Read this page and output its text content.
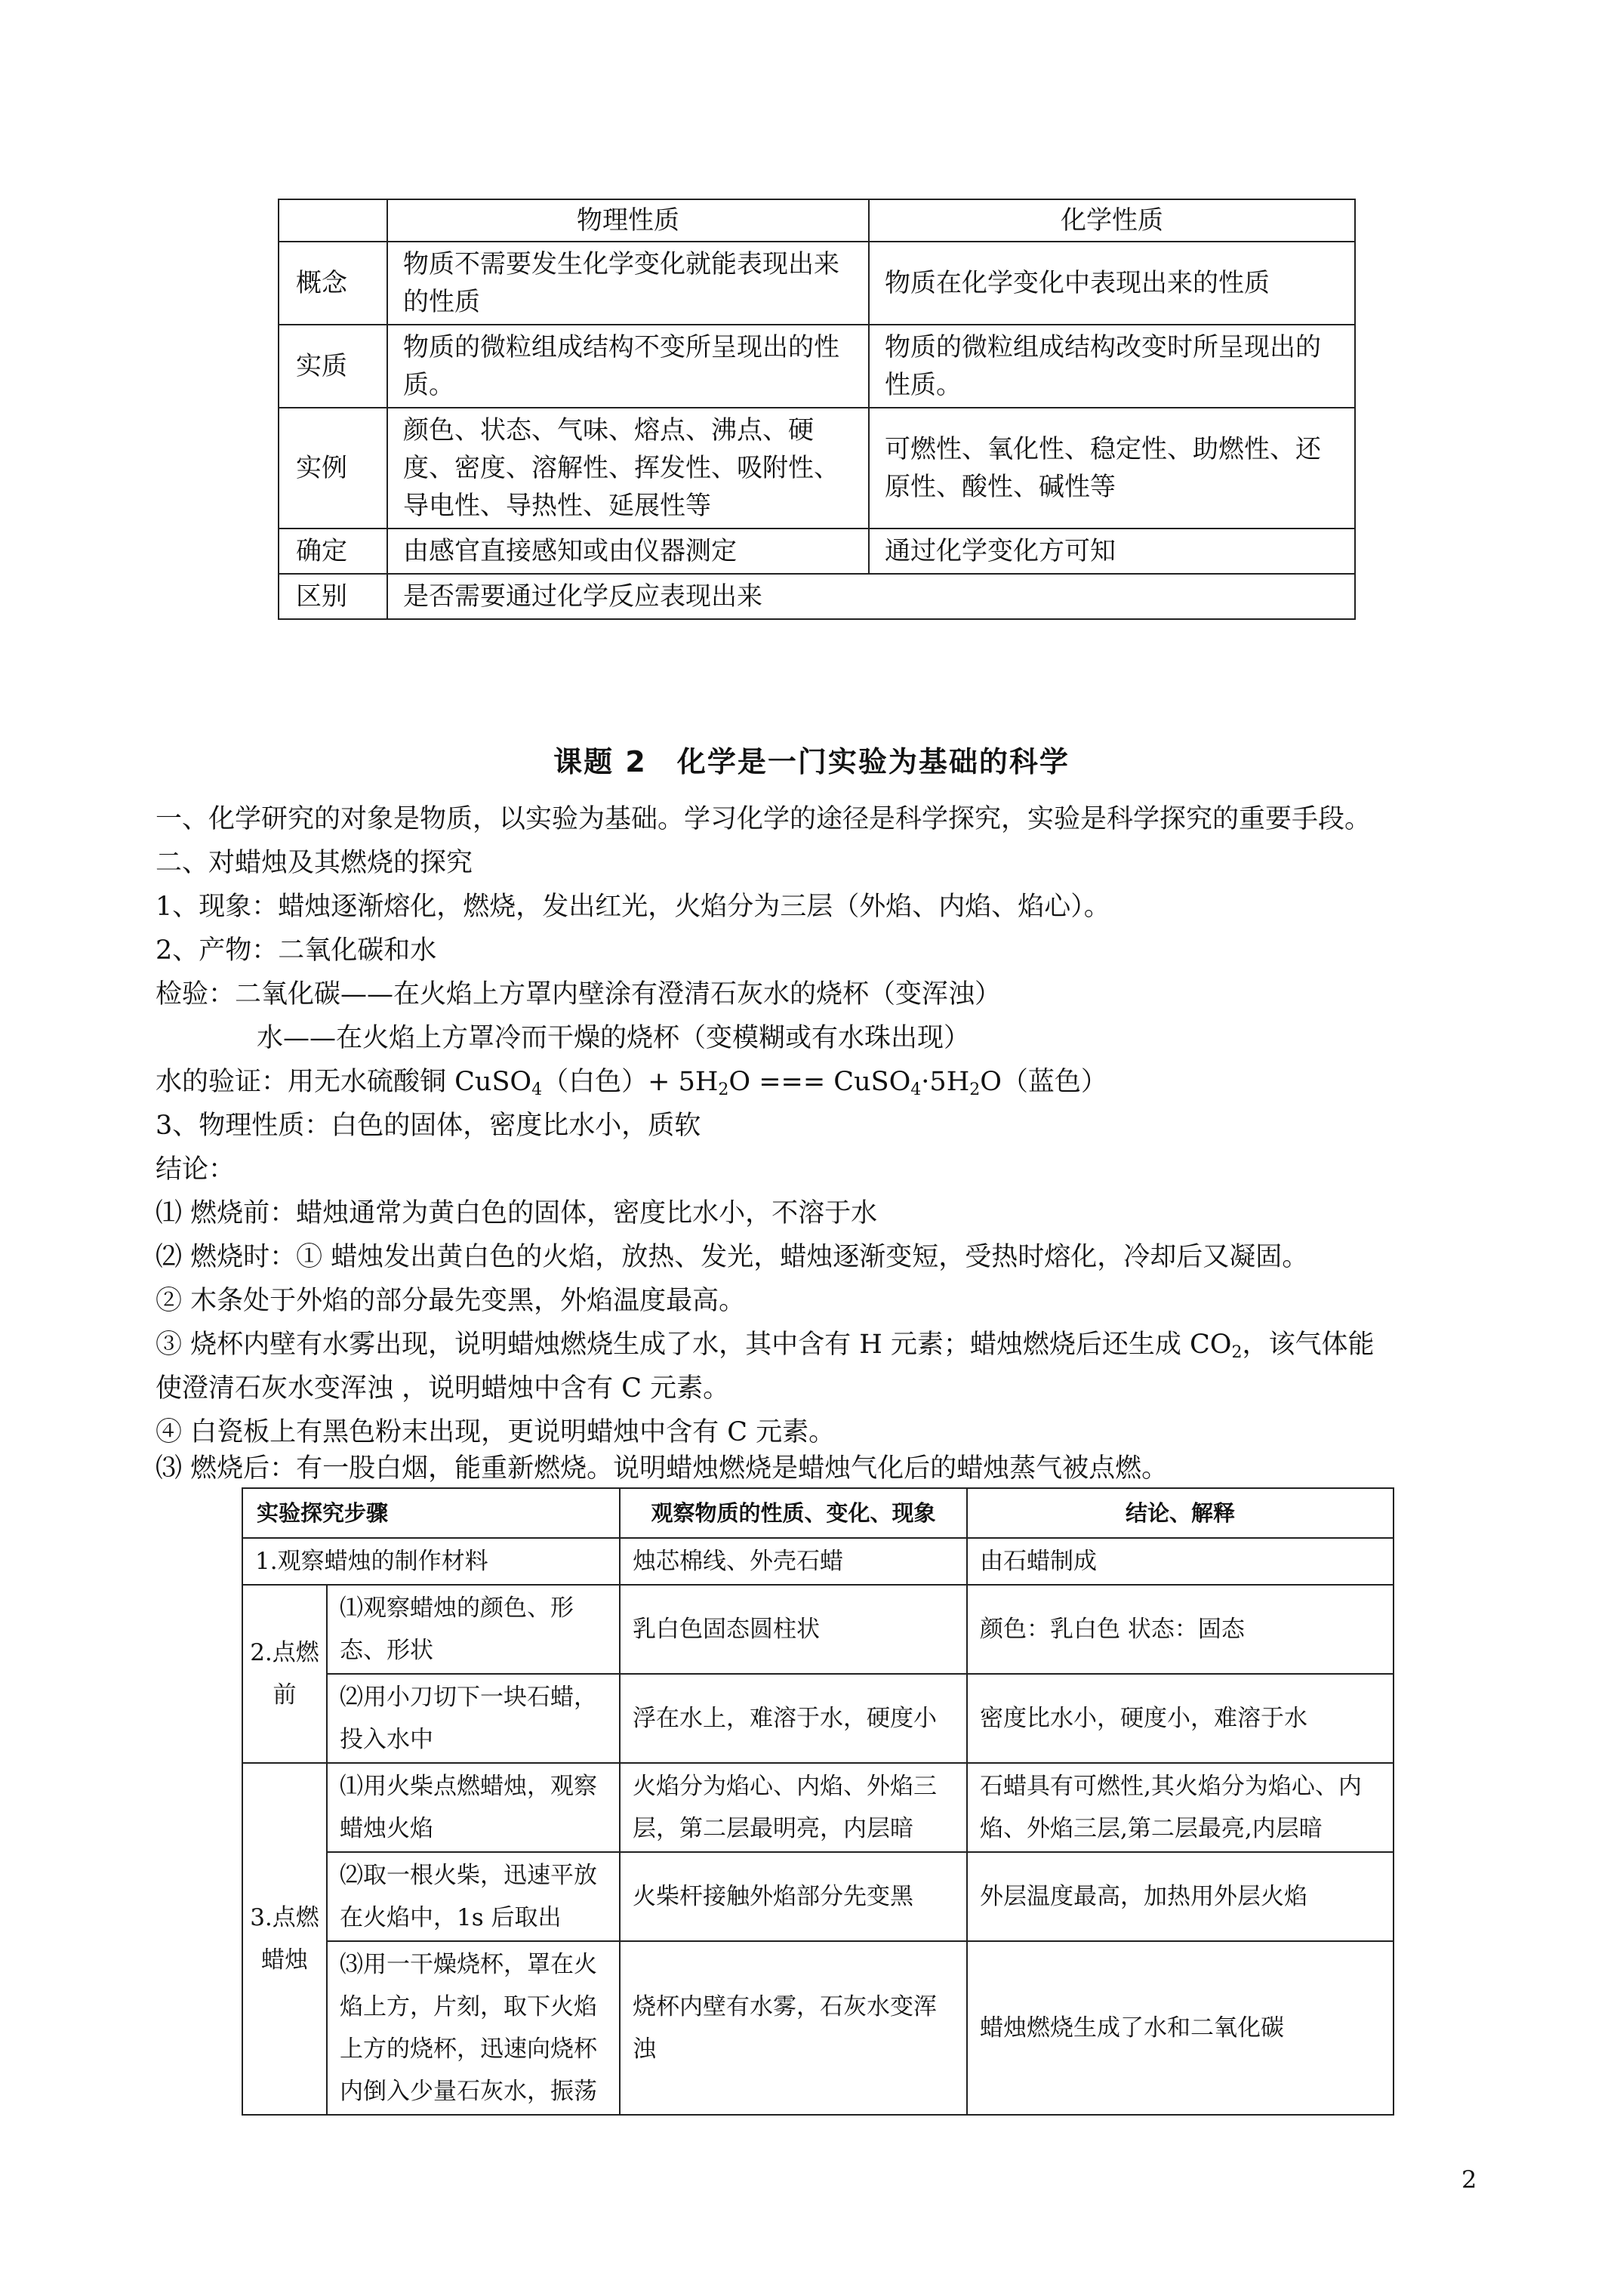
	物理性质	化学性质
概念	物质不需要发生化学变化就能表现出来的性质	物质在化学变化中表现出来的性质
实质	物质的微粒组成结构不变所呈现出的性质。	物质的微粒组成结构改变时所呈现出的性质。
实例	颜色、状态、气味、熔点、沸点、硬度、密度、溶解性、挥发性、吸附性、导电性、导热性、延展性等	可燃性、氧化性、稳定性、助燃性、还原性、酸性、碱性等
确定	由感官直接感知或由仪器测定	通过化学变化方可知
区别	是否需要通过化学反应表现出来	
课题 2　化学是一门实验为基础的科学
一、化学研究的对象是物质，以实验为基础。学习化学的途径是科学探究，实验是科学探究的重要手段。
二、对蜡烛及其燃烧的探究
1、现象：蜡烛逐渐熔化，燃烧，发出红光，火焰分为三层（外焰、内焰、焰心）。
2、产物：二氧化碳和水
检验：二氧化碳——在火焰上方罩内壁涂有澄清石灰水的烧杯（变浑浊）
水——在火焰上方罩冷而干燥的烧杯（变模糊或有水珠出现）
水的验证：用无水硫酸铜 CuSO$_4$（白色）+ $5H_2O$ === $CuSO_4\cdot 5H_2O$（蓝色）
3、物理性质：白色的固体，密度比水小，质软
结论：
⑴ 燃烧前：蜡烛通常为黄白色的固体，密度比水小，不溶于水
⑵ 燃烧时：① 蜡烛发出黄白色的火焰，放热、发光，蜡烛逐渐变短，受热时熔化，冷却后又凝固。
② 木条处于外焰的部分最先变黑，外焰温度最高。
③ 烧杯内壁有水雾出现，说明蜡烛燃烧生成了水，其中含有 H 元素；蜡烛燃烧后还生成 $CO_2$，该气体能
使澄清石灰水变浑浊 ，说明蜡烛中含有 C 元素。
④ 白瓷板上有黑色粉末出现，更说明蜡烛中含有 C 元素。
⑶ 燃烧后：有一股白烟，能重新燃烧。说明蜡烛燃烧是蜡烛气化后的蜡烛蒸气被点燃。
实验探究步骤		观察物质的性质、变化、现象	结论、解释
1.观察蜡烛的制作材料		烛芯棉线、外壳石蜡	由石蜡制成
2.点燃前	⑴观察蜡烛的颜色、形态、形状	乳白色固态圆柱状	颜色：乳白色 状态：固态
	⑵用小刀切下一块石蜡，投入水中	浮在水上，难溶于水，硬度小	密度比水小，硬度小，难溶于水
3.点燃蜡烛	⑴用火柴点燃蜡烛，观察蜡烛火焰	火焰分为焰心、内焰、外焰三层，第二层最明亮，内层暗	石蜡具有可燃性,其火焰分为焰心、内焰、外焰三层,第二层最亮,内层暗
	⑵取一根火柴，迅速平放在火焰中，1s 后取出	火柴杆接触外焰部分先变黑	外层温度最高，加热用外层火焰
	⑶用一干燥烧杯，罩在火焰上方，片刻，取下火焰上方的烧杯，迅速向烧杯内倒入少量石灰水，振荡	烧杯内壁有水雾，石灰水变浑浊	蜡烛燃烧生成了水和二氧化碳
2
